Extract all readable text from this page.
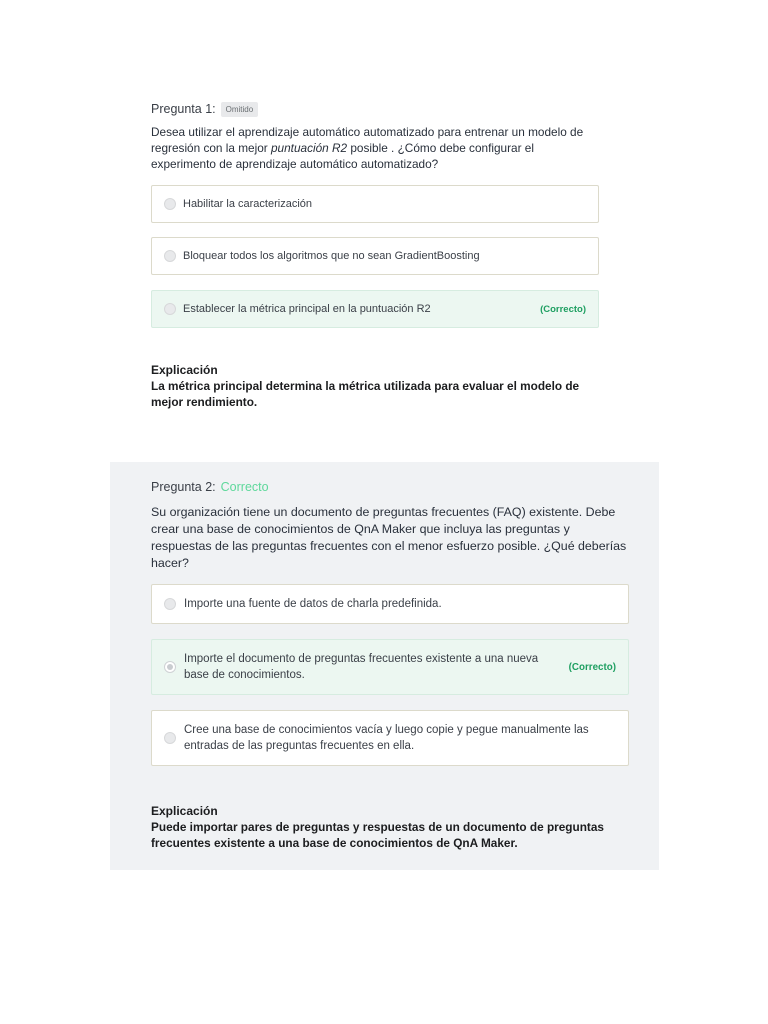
Pregunta 1:	Omitido

Desea utilizar el aprendizaje automático automatizado para entrenar un modelo de regresión con la mejor puntuación R2 posible . ¿Cómo debe configurar el experimento de aprendizaje automático automatizado?

Habilitar la caracterización
Bloquear todos los algoritmos que no sean GradientBoosting
Establecer la métrica principal en la puntuación R2	(Correcto)
Explicación
La métrica principal determina la métrica utilizada para evaluar el modelo de mejor rendimiento.
Pregunta 2: Correcto

Su organización tiene un documento de preguntas frecuentes (FAQ) existente. Debe crear una base de conocimientos de QnA Maker que incluya las preguntas y respuestas de las preguntas frecuentes con el menor esfuerzo posible. ¿Qué deberías hacer?

Importe una fuente de datos de charla predefinida.
Importe el documento de preguntas frecuentes existente a una nueva base de conocimientos.
(Correcto)
Cree una base de conocimientos vacía y luego copie y pegue manualmente las entradas de las preguntas frecuentes en ella.
Explicación
Puede importar pares de preguntas y respuestas de un documento de preguntas frecuentes existente a una base de conocimientos de QnA Maker.
